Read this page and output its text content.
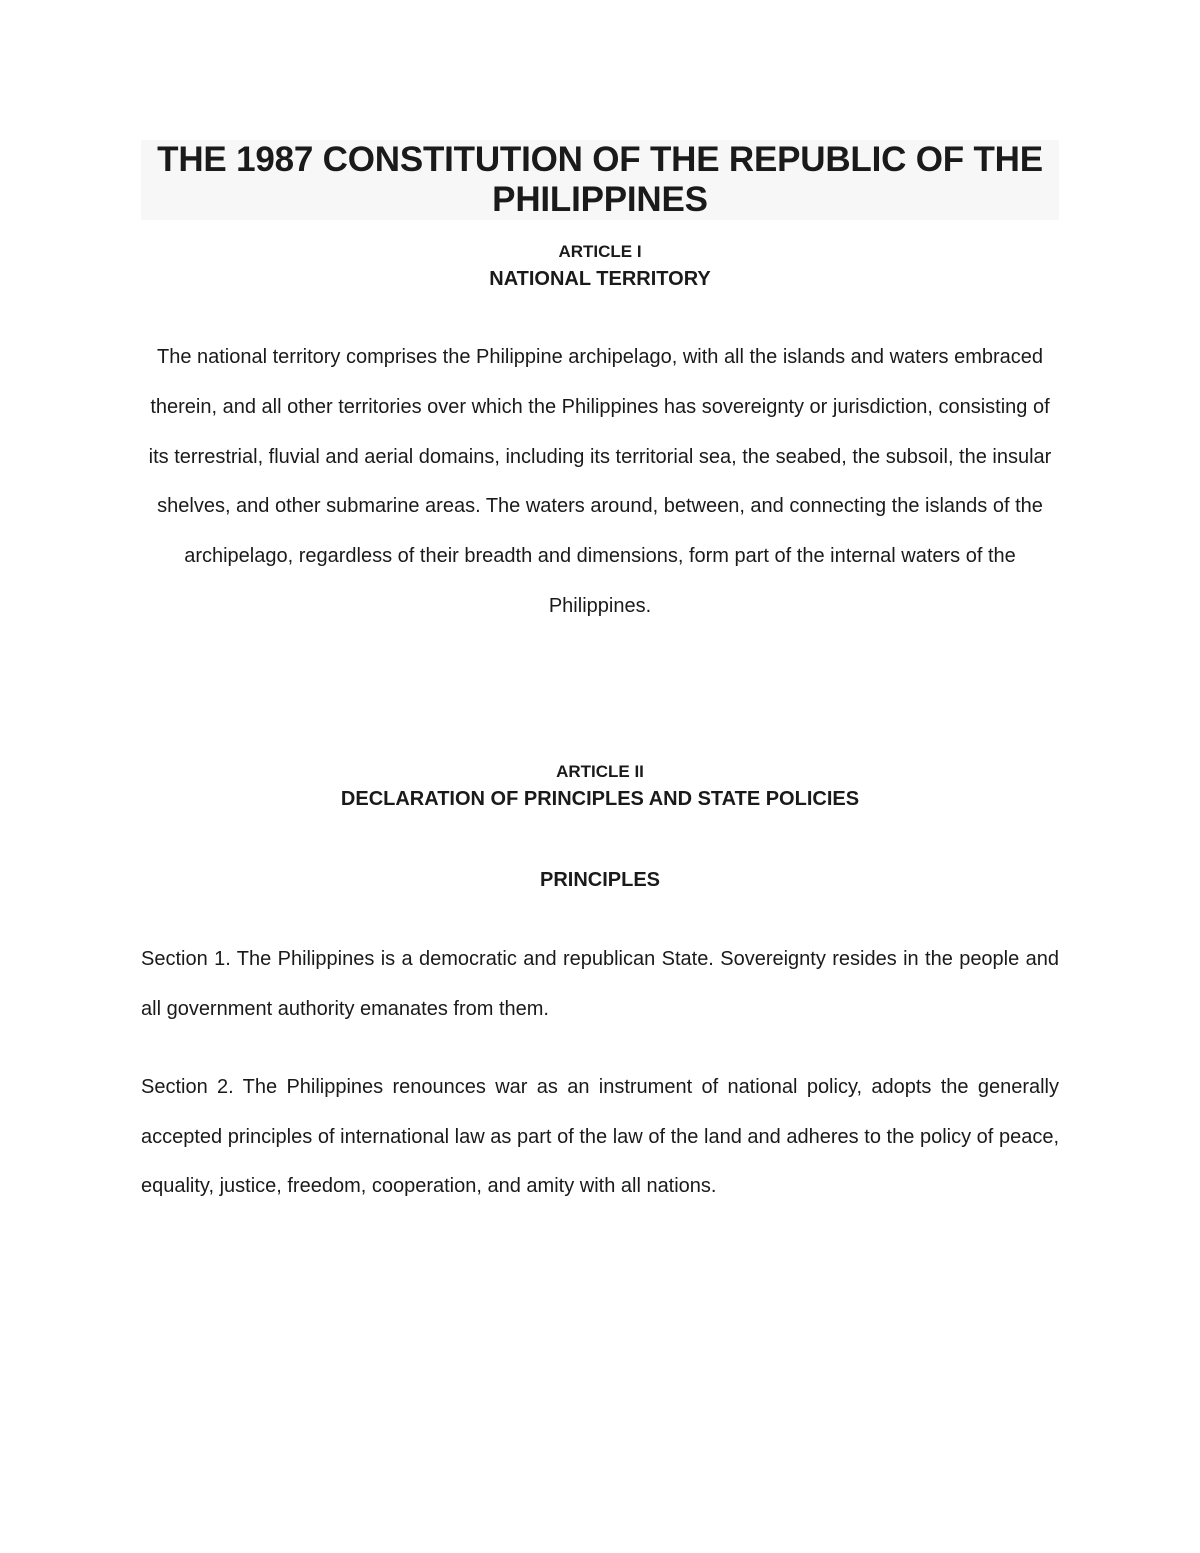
THE 1987 CONSTITUTION OF THE REPUBLIC OF THE PHILIPPINES
ARTICLE I
NATIONAL TERRITORY

The national territory comprises the Philippine archipelago, with all the islands and waters embraced therein, and all other territories over which the Philippines has sovereignty or jurisdiction, consisting of its terrestrial, fluvial and aerial domains, including its territorial sea, the seabed, the subsoil, the insular shelves, and other submarine areas. The waters around, between, and connecting the islands of the archipelago, regardless of their breadth and dimensions, form part of the internal waters of the Philippines.

ARTICLE II
DECLARATION OF PRINCIPLES AND STATE POLICIES
PRINCIPLES

Section 1. The Philippines is a democratic and republican State. Sovereignty resides in the people and all government authority emanates from them.

Section 2. The Philippines renounces war as an instrument of national policy, adopts the generally accepted principles of international law as part of the law of the land and adheres to the policy of peace, equality, justice, freedom, cooperation, and amity with all nations.
